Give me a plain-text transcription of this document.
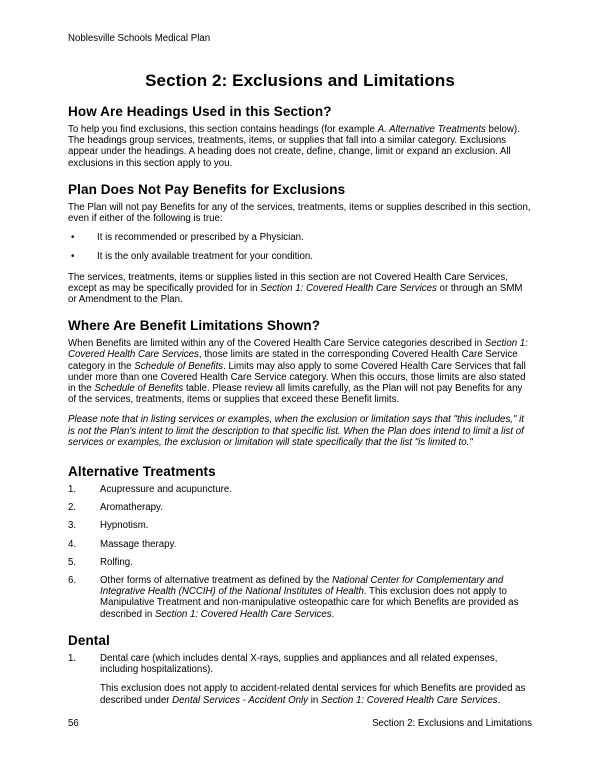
Noblesville Schools Medical Plan
Section 2: Exclusions and Limitations
How Are Headings Used in this Section?

To help you find exclusions, this section contains headings (for example A. Alternative Treatments below). The headings group services, treatments, items, or supplies that fall into a similar category. Exclusions appear under the headings. A heading does not create, define, change, limit or expand an exclusion. All exclusions in this section apply to you.

Plan Does Not Pay Benefits for Exclusions

The Plan will not pay Benefits for any of the services, treatments, items or supplies described in this section, even if either of the following is true:

•	It is recommended or prescribed by a Physician.
•	It is the only available treatment for your condition.

The services, treatments, items or supplies listed in this section are not Covered Health Care Services, except as may be specifically provided for in Section 1: Covered Health Care Services or through an SMM or Amendment to the Plan.

Where Are Benefit Limitations Shown?

When Benefits are limited within any of the Covered Health Care Service categories described in Section 1: Covered Health Care Services, those limits are stated in the corresponding Covered Health Care Service category in the Schedule of Benefits. Limits may also apply to some Covered Health Care Services that fall under more than one Covered Health Care Service category. When this occurs, those limits are also stated in the Schedule of Benefits table. Please review all limits carefully, as the Plan will not pay Benefits for any of the services, treatments, items or supplies that exceed these Benefit limits.

Please note that in listing services or examples, when the exclusion or limitation says that "this includes," it is not the Plan's intent to limit the description to that specific list. When the Plan does intend to limit a list of services or examples, the exclusion or limitation will state specifically that the list "is limited to."

Alternative Treatments
1.	Acupressure and acupuncture.
2.	Aromatherapy.
3.	Hypnotism.
4.	Massage therapy.
5.	Rolfing.
6.	Other forms of alternative treatment as defined by the National Center for Complementary and Integrative Health (NCCIH) of the National Institutes of Health. This exclusion does not apply to Manipulative Treatment and non-manipulative osteopathic care for which Benefits are provided as described in Section 1: Covered Health Care Services.
Dental
1.	Dental care (which includes dental X-rays, supplies and appliances and all related expenses, including hospitalizations).

This exclusion does not apply to accident-related dental services for which Benefits are provided as described under Dental Services - Accident Only in Section 1: Covered Health Care Services.

56	Section 2: Exclusions and Limitations
